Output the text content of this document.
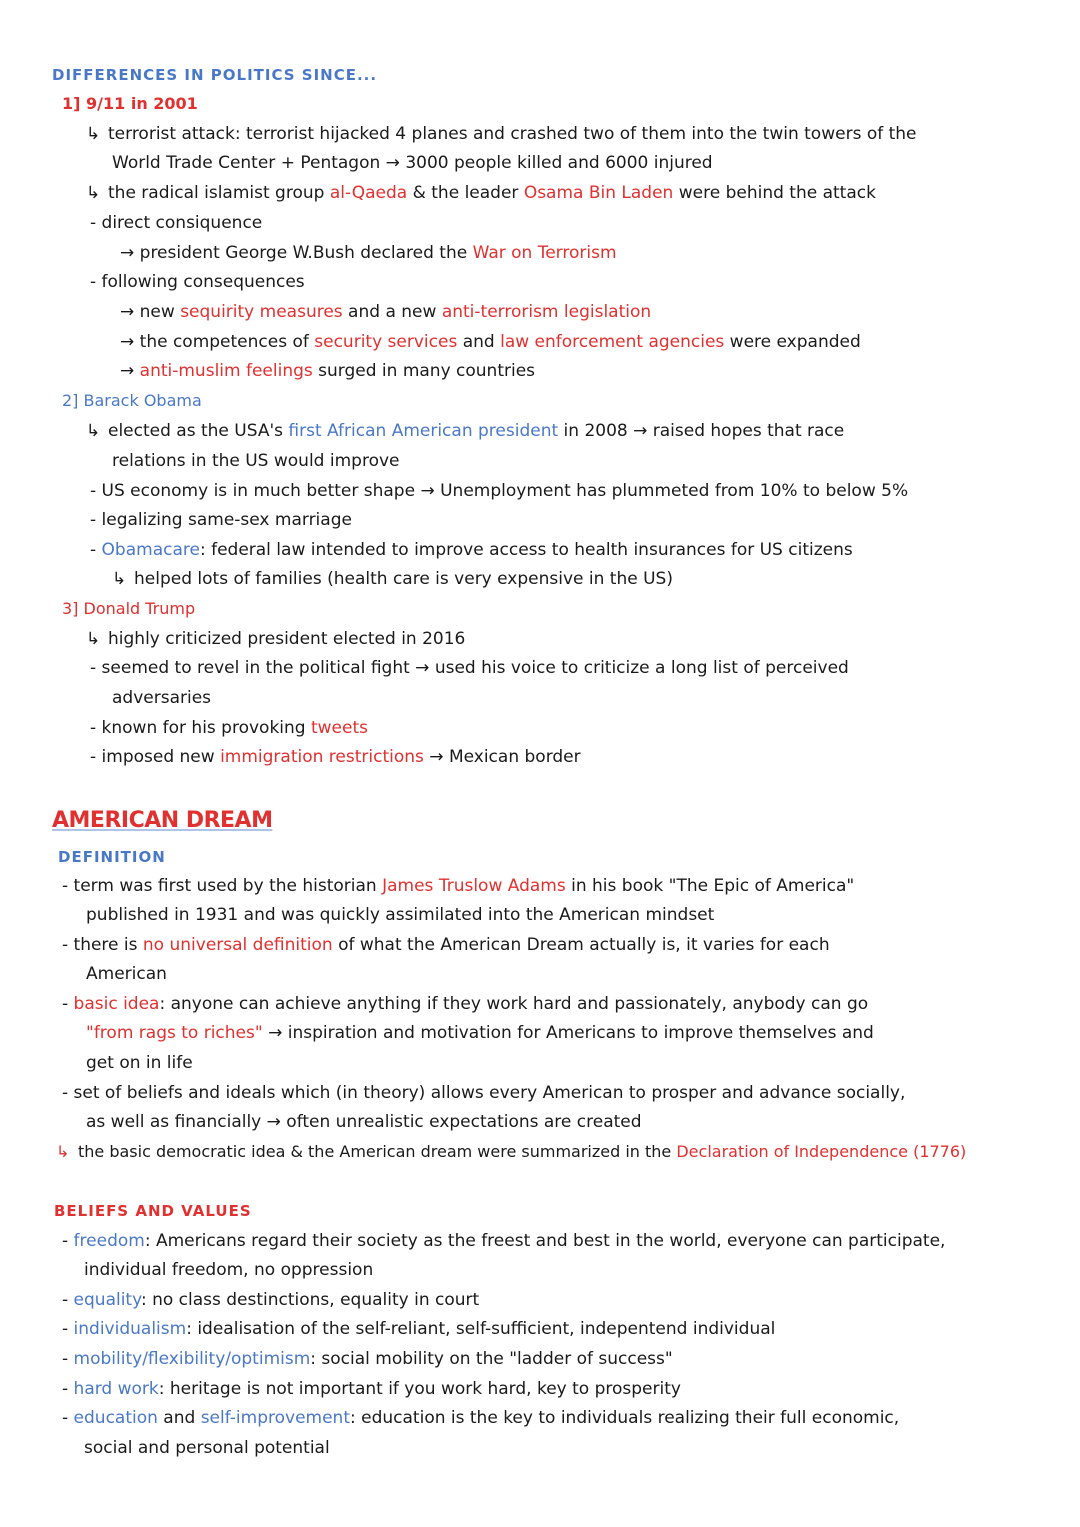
DIFFERENCES IN POLITICS SINCE...
1] 9/11 in 2001
↳ terrorist attack: terrorist hijacked 4 planes and crashed two of them into the twin towers of the
World Trade Center + Pentagon → 3000 people killed and 6000 injured
↳ the radical islamist group al-Qaeda & the leader Osama Bin Laden were behind the attack
- direct consiquence
→ president George W.Bush declared the War on Terrorism
- following consequences
→ new sequirity measures and a new anti-terrorism legislation
→ the competences of security services and law enforcement agencies were expanded
→ anti-muslim feelings surged in many countries
2] Barack Obama
↳ elected as the USA's first African American president in 2008 → raised hopes that race
relations in the US would improve
- US economy is in much better shape → Unemployment has plummeted from 10% to below 5%
- legalizing same-sex marriage
- Obamacare: federal law intended to improve access to health insurances for US citizens
↳ helped lots of families (health care is very expensive in the US)
3] Donald Trump
↳ highly criticized president elected in 2016
- seemed to revel in the political fight → used his voice to criticize a long list of perceived
adversaries
- known for his provoking tweets
- imposed new immigration restrictions → Mexican border
AMERICAN DREAM
DEFINITION
- term was first used by the historian James Truslow Adams in his book "The Epic of America"
published in 1931 and was quickly assimilated into the American mindset
- there is no universal definition of what the American Dream actually is, it varies for each
American
- basic idea: anyone can achieve anything if they work hard and passionately, anybody can go
"from rags to riches" → inspiration and motivation for Americans to improve themselves and
get on in life
- set of beliefs and ideals which (in theory) allows every American to prosper and advance socially,
as well as financially → often unrealistic expectations are created
↳ the basic democratic idea & the American dream were summarized in the Declaration of Independence (1776)
BELIEFS AND VALUES
- freedom: Americans regard their society as the freest and best in the world, everyone can participate,
individual freedom, no oppression
- equality: no class destinctions, equality in court
- individualism: idealisation of the self-reliant, self-sufficient, indepentend individual
- mobility/flexibility/optimism: social mobility on the "ladder of success"
- hard work: heritage is not important if you work hard, key to prosperity
- education and self-improvement: education is the key to individuals realizing their full economic,
social and personal potential
